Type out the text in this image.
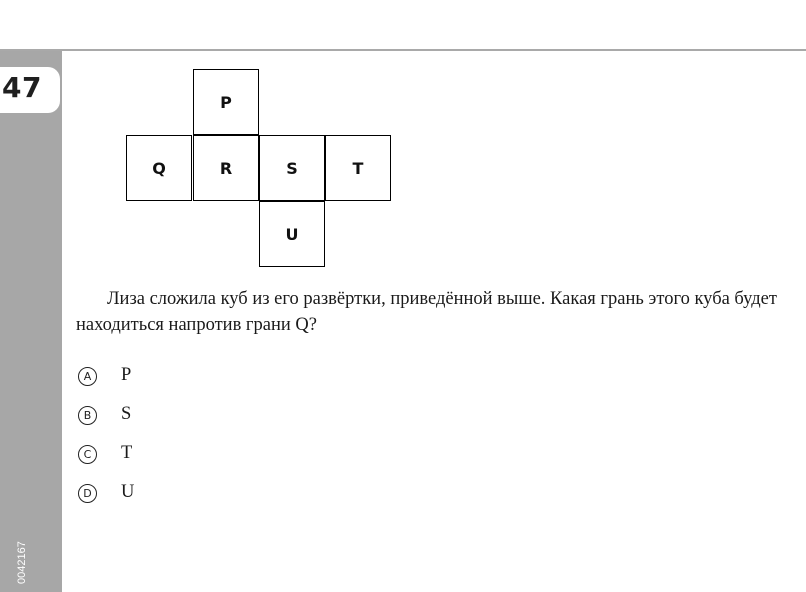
47
0042167
P
Q	R	S	T
U

Лиза сложила куб из его развёртки, приведённой выше. Какая грань этого куба будет находиться напротив грани Q?

A	P
B	S
C	T
D U
